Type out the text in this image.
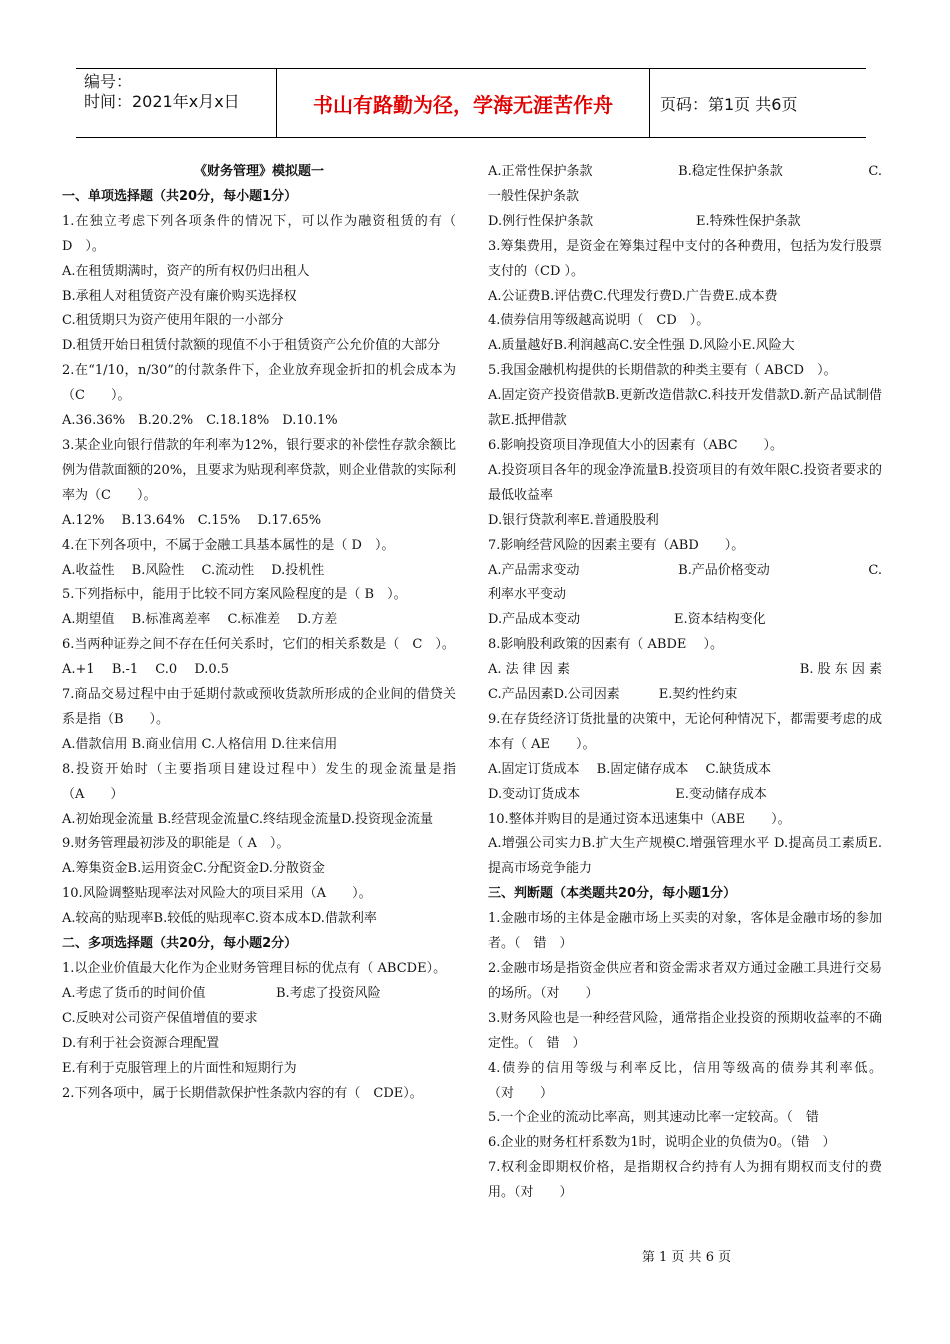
编号：
时间：2021年x月x日	书山有路勤为径，学海无涯苦作舟	页码：第1页 共6页

《财务管理》模拟题一

一、单项选择题（共20分，每小题1分）

1.在独立考虑下列各项条件的情况下，可以作为融资租赁的有（　D　）。

A.在租赁期满时，资产的所有权仍归出租人

B.承租人对租赁资产没有廉价购买选择权

C.租赁期只为资产使用年限的一小部分

D.租赁开始日租赁付款额的现值不小于租赁资产公允价值的大部分

2.在“1/10，n/30”的付款条件下，企业放弃现金折扣的机会成本为（C　　）。

A.36.36%　B.20.2%　C.18.18%　D.10.1%

3.某企业向银行借款的年利率为12%，银行要求的补偿性存款余额比例为借款面额的20%，且要求为贴现利率贷款，则企业借款的实际利率为（C　　）。

A.12%　 B.13.64%　C.15%　 D.17.65%

4.在下列各项中，不属于金融工具基本属性的是（ D　）。

A.收益性　 B.风险性　 C.流动性　 D.投机性

5.下列指标中，能用于比较不同方案风险程度的是（ B　）。

A.期望值　 B.标准离差率　 C.标准差　 D.方差

6.当两种证券之间不存在任何关系时，它们的相关系数是（　C　）。

A.+1　 B.-1　 C.0　 D.0.5

7.商品交易过程中由于延期付款或预收货款所形成的企业间的借贷关系是指（B　　）。

A.借款信用 B.商业信用 C.人格信用 D.往来信用

8.投资开始时（主要指项目建设过程中）发生的现金流量是指（A　　）

A.初始现金流量 B.经营现金流量C.终结现金流量D.投资现金流量

9.财务管理最初涉及的职能是（ A　）。

A.筹集资金B.运用资金C.分配资金D.分散资金

10.风险调整贴现率法对风险大的项目采用（A　　）。

A.较高的贴现率B.较低的贴现率C.资本成本D.借款利率

二、多项选择题（共20分，每小题2分）

1.以企业价值最大化作为企业财务管理目标的优点有（ ABCDE）。

A.考虑了货币的时间价值	B.考虑了投资风险

C.反映对公司资产保值增值的要求

D.有利于社会资源合理配置

E.有利于克服管理上的片面性和短期行为

2.下列各项中，属于长期借款保护性条款内容的有（　CDE）。

A.正常性保护条款	B.稳定性保护条款	C.

一般性保护条款

D.例行性保护条款	E.特殊性保护条款

3.筹集费用，是资金在筹集过程中支付的各种费用，包括为发行股票支付的（CD ）。

A.公证费B.评估费C.代理发行费D.广告费E.成本费

4.债券信用等级越高说明（　CD　）。

A.质量越好B.利润越高C.安全性强 D.风险小E.风险大

5.我国金融机构提供的长期借款的种类主要有（ ABCD　）。

A.固定资产投资借款B.更新改造借款C.科技开发借款D.新产品试制借款E.抵押借款

6.影响投资项目净现值大小的因素有（ABC　　）。

A.投资项目各年的现金净流量B.投资项目的有效年限C.投资者要求的最低收益率

D.银行贷款利率E.普通股股利

7.影响经营风险的因素主要有（ABD　　）。

A.产品需求变动	B.产品价格变动	C.

利率水平变动

D.产品成本变动	E.资本结构变化

8.影响股利政策的因素有（ ABDE　 ）。

A. 法 律 因 素	B. 股 东 因 素

C.产品因素D.公司因素　　　E.契约性约束

9.在存货经济订货批量的决策中，无论何种情况下，都需要考虑的成本有（ AE　　）。

A.固定订货成本　 B.固定储存成本　 C.缺货成本

D.变动订货成本　　　　　　　 E.变动储存成本

10.整体并购目的是通过资本迅速集中（ABE　　）。

A.增强公司实力B.扩大生产规模C.增强管理水平 D.提高员工素质E.提高市场竞争能力

三、判断题（本类题共20分，每小题1分）

1.金融市场的主体是金融市场上买卖的对象，客体是金融市场的参加者。（　错　）

2.金融市场是指资金供应者和资金需求者双方通过金融工具进行交易的场所。（对　　）

3.财务风险也是一种经营风险，通常指企业投资的预期收益率的不确定性。（　错　）

4.债券的信用等级与利率反比，信用等级高的债券其利率低。（对　　）

5.一个企业的流动比率高，则其速动比率一定较高。（　错

6.企业的财务杠杆系数为1时，说明企业的负债为0。（错　）

7.权利金即期权价格，是指期权合约持有人为拥有期权而支付的费用。（对　　）

第 1 页 共 6 页
